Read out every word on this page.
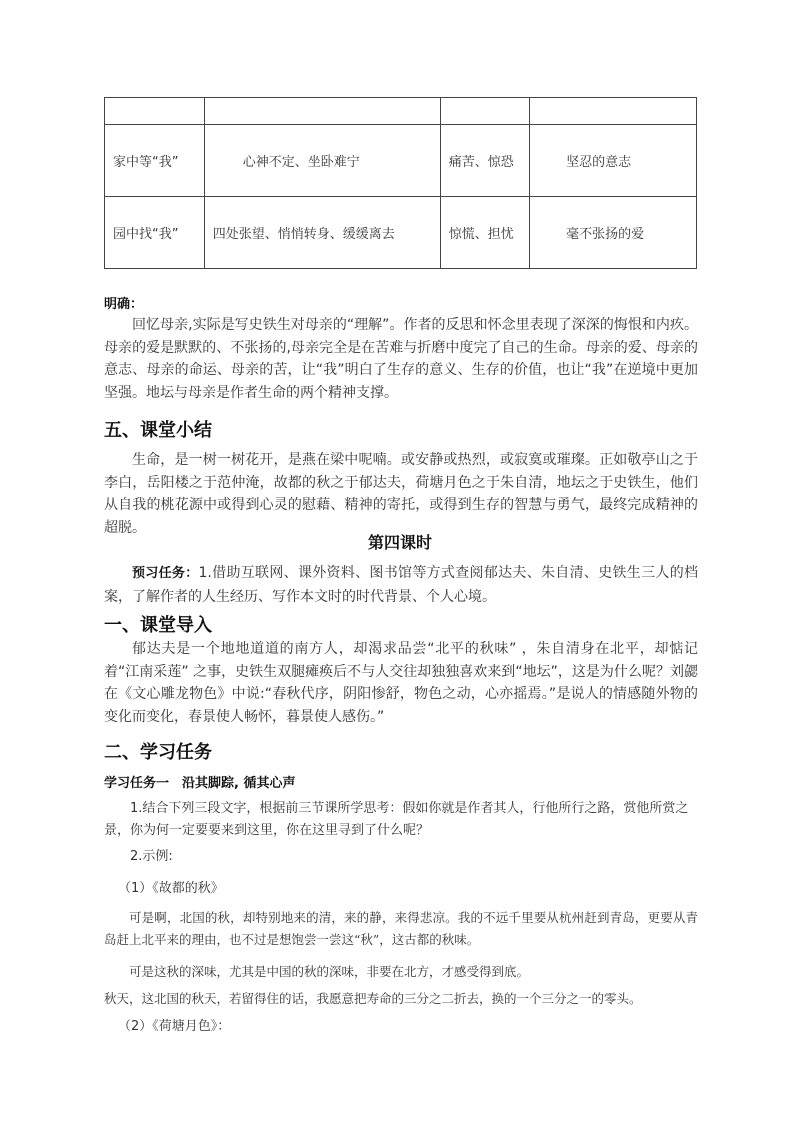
家中等“我”	心神不定、坐卧难宁	痛苦、惊恐	坚忍的意志
园中找“我”	四处张望、悄悄转身、缓缓离去	惊慌、担忧	毫不张扬的爱
明确：
回忆母亲,实际是写史铁生对母亲的“理解”。作者的反思和怀念里表现了深深的悔恨和内疚。母亲的爱是默默的、不张扬的,母亲完全是在苦难与折磨中度完了自己的生命。母亲的爱、母亲的意志、母亲的命运、母亲的苦，让“我”明白了生存的意义、生存的价值，也让“我”在逆境中更加坚强。地坛与母亲是作者生命的两个精神支撑。
五、课堂小结
生命，是一树一树花开，是燕在梁中呢喃。或安静或热烈，或寂寞或璀璨。正如敬亭山之于李白，岳阳楼之于范仲淹，故都的秋之于郁达夫，荷塘月色之于朱自清，地坛之于史铁生，他们从自我的桃花源中或得到心灵的慰藉、精神的寄托，或得到生存的智慧与勇气，最终完成精神的超脱。
第四课时
预习任务：1.借助互联网、课外资料、图书馆等方式查阅郁达夫、朱自清、史铁生三人的档案，了解作者的人生经历、写作本文时的时代背景、个人心境。
一、课堂导入
郁达夫是一个地地道道的南方人，却渴求品尝“北平的秋味” ，朱自清身在北平，却惦记着“江南采莲” 之事，史铁生双腿瘫痪后不与人交往却独独喜欢来到“地坛”，这是为什么呢？刘勰在《文心雕龙物色》中说:“春秋代序，阴阳惨舒，物色之动，心亦摇焉。”是说人的情感随外物的变化而变化，春景使人畅怀，暮景使人感伤。”
二、学习任务
学习任务一　沿其脚踪, 循其心声
1.结合下列三段文字，根据前三节课所学思考：假如你就是作者其人，行他所行之路，赏他所赏之景，你为何一定要要来到这里，你在这里寻到了什么呢？
2.示例:
（1）《故都的秋》
可是啊，北国的秋，却特别地来的清，来的静，来得悲凉。我的不远千里要从杭州赶到青岛，更要从青岛赶上北平来的理由，也不过是想饱尝一尝这“秋”，这古都的秋味。
可是这秋的深味，尤其是中国的秋的深味，非要在北方，才感受得到底。
秋天，这北国的秋天，若留得住的话，我愿意把寿命的三分之二折去，换的一个三分之一的零头。
（2）《荷塘月色》：
